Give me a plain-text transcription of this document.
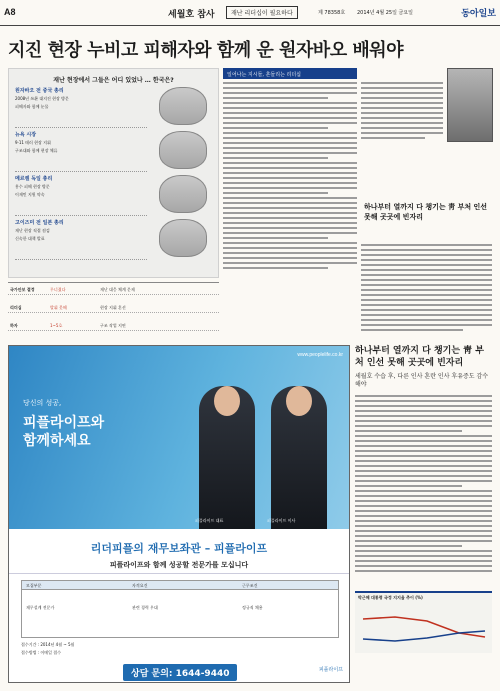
A8	세월호 참사	재난 리더십이 필요하다	제 78358호 2014년 4월 25일 금요일	동아일보
지진 현장 누비고 피해자와 함께 운 원자바오 배워야
재난 현장에서 그들은 어디 있었나 … 한국은?
원자바오 전 중국 총리
2008년 쓰촨 대지진 현장 방문
피해자와 함께 눈물
뉴욕 시장
9·11 테러 현장 지휘
구조대와 함께 현장 체류
메르켈 독일 총리
홍수 피해 현장 방문
이재민 지원 약속
고이즈미 전 일본 총리
재난 현장 직접 점검
신속한 대책 발표
국가안보 결정	무너졌다	재난 대응 체계 문제
리더십	발휘 못해	현장 지휘 혼선
하자	1~5호	구조 작업 지연
일어나는 지시들, 흔들리는 리더십
하나부터 열까지 다 챙기는 靑 부처 인선 못해 곳곳에 빈자리
www.peoplelife.co.kr
당신의 성공,
피플라이프와
함께하세요
피플라이프 대표	피플라이프 이사
리더피플의 재무보좌관 – 피플라이프
피플라이프와 함께 성공할 전문가를 모십니다
모집부문	자격요건	근무조건
재무설계 전문가	관련 경력 우대	정규직 채용
접수기간 : 2014년 4월 ~ 5월
접수방법 : 이메일 접수
상담 문의: 1644-9440	피플라이프
하나부터 열까지 다 챙기는 靑 부처 인선 못해 곳곳에 빈자리
세월호 수습 후, 다른 인사 혼란 인사 후유증도 감수해야
박근혜 대통령 국정 지지율 추이 (%)
